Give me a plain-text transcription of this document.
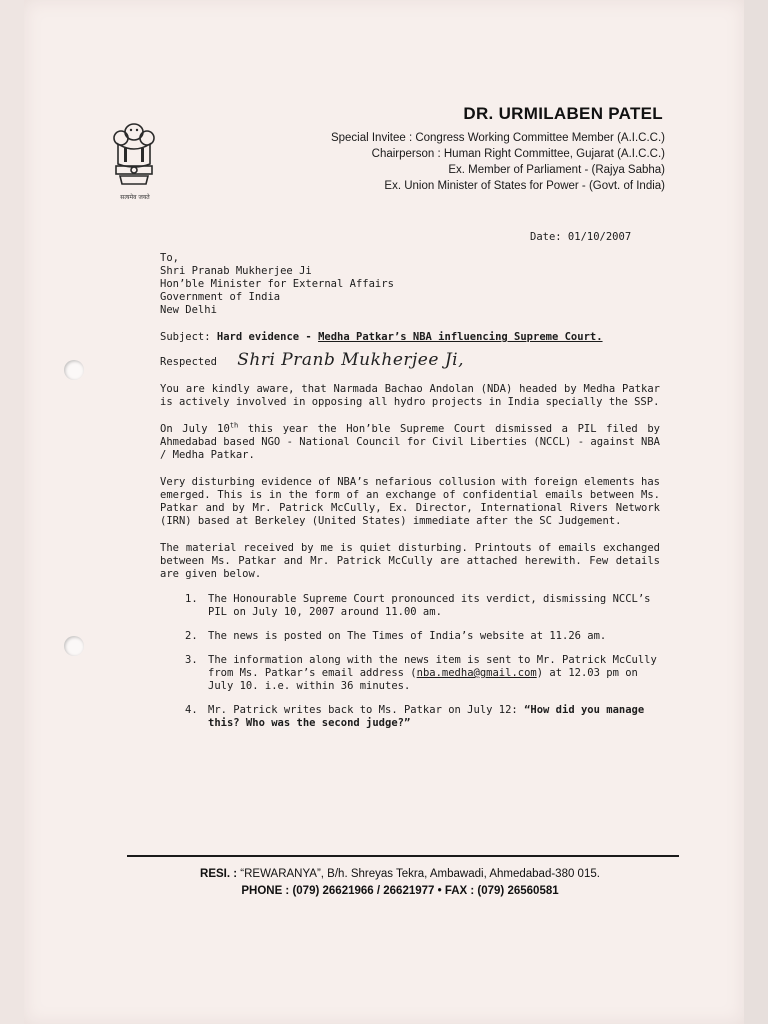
सत्यमेव जयते
DR. URMILABEN PATEL
Special Invitee : Congress Working Committee Member (A.I.C.C.)
Chairperson : Human Right Committee, Gujarat (A.I.C.C.)
Ex. Member of Parliament - (Rajya Sabha)
Ex. Union Minister of States for Power - (Govt. of India)
Date: 01/10/2007
To,
Shri Pranab Mukherjee Ji
Hon’ble Minister for External Affairs
Government of India
New Delhi
Subject: Hard evidence - Medha Patkar’s NBA influencing Supreme Court.
Respected Shri Pranb Mukherjee Ji,
You are kindly aware, that Narmada Bachao Andolan (NDA) headed by Medha Patkar is actively involved in opposing all hydro projects in India specially the SSP.
On July 10th this year the Hon’ble Supreme Court dismissed a PIL filed by Ahmedabad based NGO - National Council for Civil Liberties (NCCL) - against NBA / Medha Patkar.
Very disturbing evidence of NBA’s nefarious collusion with foreign elements has emerged. This is in the form of an exchange of confidential emails between Ms. Patkar and by Mr. Patrick McCully, Ex. Director, International Rivers Network (IRN) based at Berkeley (United States) immediate after the SC Judgement.
The material received by me is quiet disturbing. Printouts of emails exchanged between Ms. Patkar and Mr. Patrick McCully are attached herewith. Few details are given below.
1. The Honourable Supreme Court pronounced its verdict, dismissing NCCL’s PIL on July 10, 2007 around 11.00 am.
2. The news is posted on The Times of India’s website at 11.26 am.
3. The information along with the news item is sent to Mr. Patrick McCully from Ms. Patkar’s email address (nba.medha@gmail.com) at 12.03 pm on July 10. i.e. within 36 minutes.
4. Mr. Patrick writes back to Ms. Patkar on July 12: “How did you manage this? Who was the second judge?”
RESI. : “REWARANYA”, B/h. Shreyas Tekra, Ambawadi, Ahmedabad-380 015.
PHONE : (079) 26621966 / 26621977 • FAX : (079) 26560581
